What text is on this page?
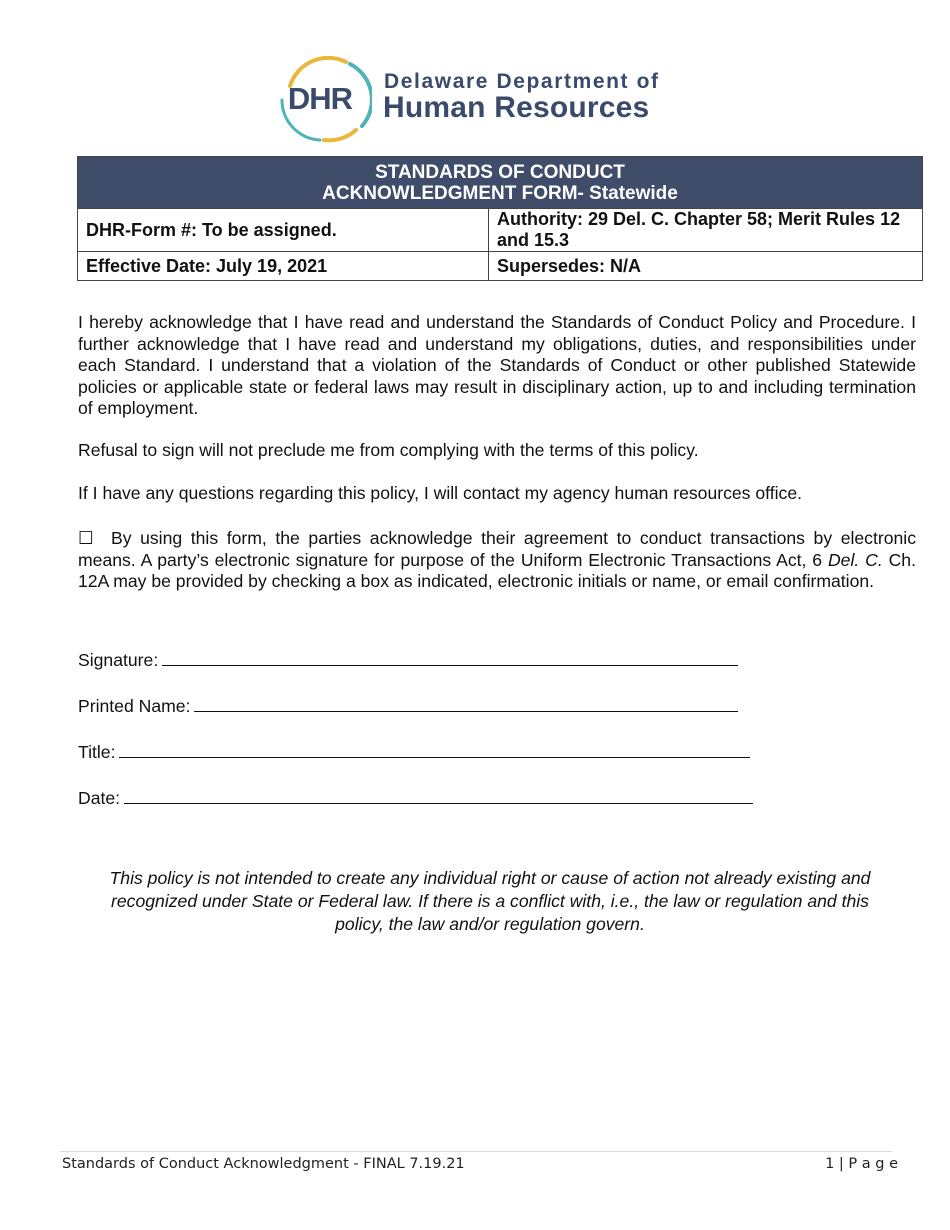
DHR Delaware Department of
Human Resources
STANDARDS OF CONDUCT
ACKNOWLEDGMENT FORM- Statewide	

DHR-Form #: To be assigned.	Authority: 29 Del. C. Chapter 58; Merit Rules 12 and 15.3
Effective Date: July 19, 2021	Supersedes: N/A

I hereby acknowledge that I have read and understand the Standards of Conduct Policy and Procedure. I further acknowledge that I have read and understand my obligations, duties, and responsibilities under each Standard. I understand that a violation of the Standards of Conduct or other published Statewide policies or applicable state or federal laws may result in disciplinary action, up to and including termination of employment.

Refusal to sign will not preclude me from complying with the terms of this policy.

If I have any questions regarding this policy, I will contact my agency human resources office.

☐ By using this form, the parties acknowledge their agreement to conduct transactions by electronic means. A party’s electronic signature for purpose of the Uniform Electronic Transactions Act, 6 Del. C. Ch. 12A may be provided by checking a box as indicated, electronic initials or name, or email confirmation.

Signature:
Printed Name:
Title:
Date:

This policy is not intended to create any individual right or cause of action not already existing and recognized under State or Federal law. If there is a conflict with, i.e., the law or regulation and this policy, the law and/or regulation govern.

Standards of Conduct Acknowledgment - FINAL 7.19.21	1 | P a g e
